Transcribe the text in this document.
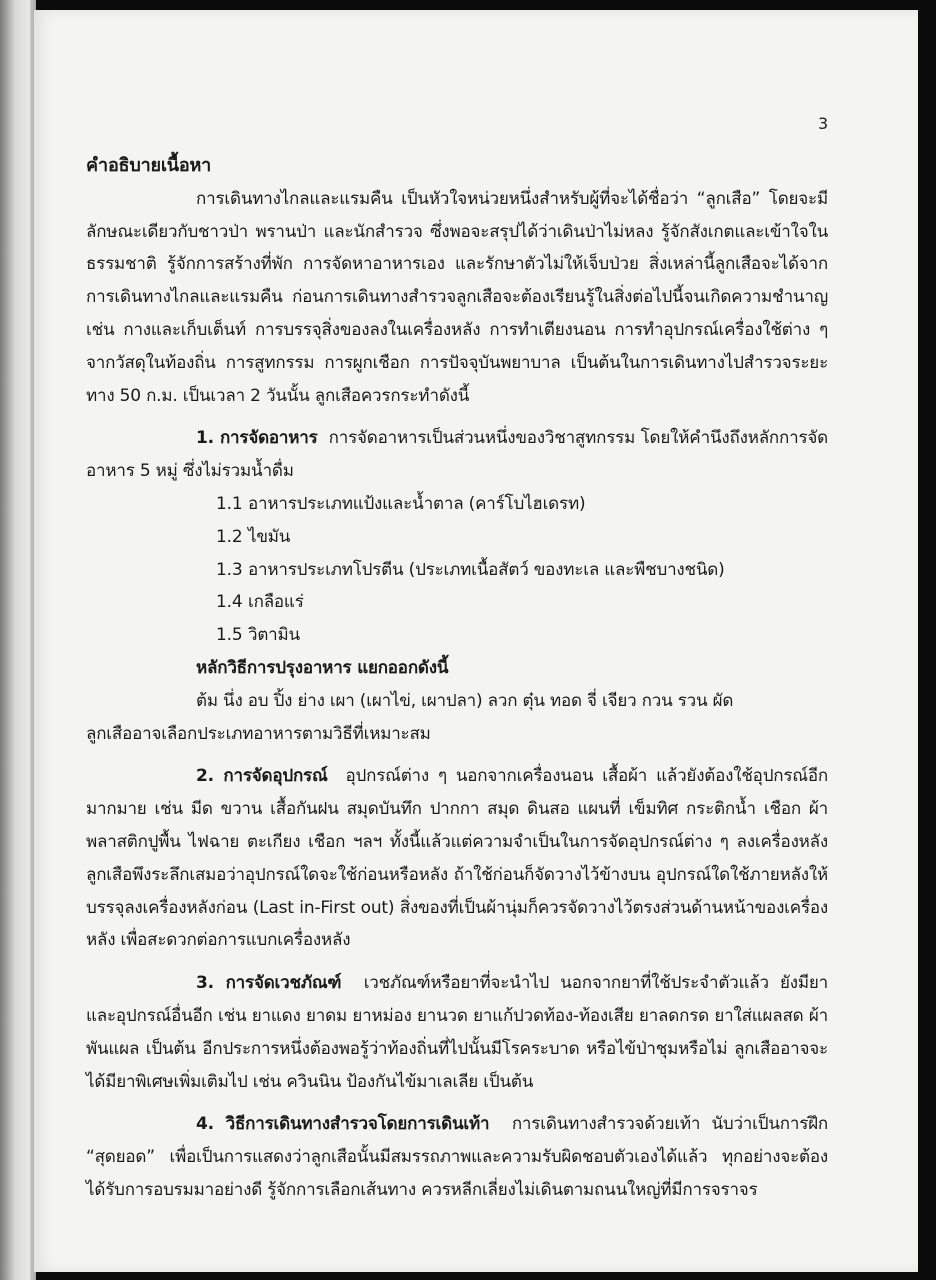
3

คำอธิบายเนื้อหา

การเดินทางไกลและแรมคืน เป็นหัวใจหน่วยหนึ่งสำหรับผู้ที่จะได้ชื่อว่า “ลูกเสือ” โดยจะมีลักษณะเดียวกับชาวป่า พรานป่า และนักสำรวจ ซึ่งพอจะสรุปได้ว่าเดินป่าไม่หลง รู้จักสังเกตและเข้าใจในธรรมชาติ รู้จักการสร้างที่พัก การจัดหาอาหารเอง และรักษาตัวไม่ให้เจ็บป่วย สิ่งเหล่านี้ลูกเสือจะได้จากการเดินทางไกลและแรมคืน ก่อนการเดินทางสำรวจลูกเสือจะต้องเรียนรู้ในสิ่งต่อไปนี้จนเกิดความชำนาญ เช่น กางและเก็บเต็นท์ การบรรจุสิ่งของลงในเครื่องหลัง การทำเตียงนอน การทำอุปกรณ์เครื่องใช้ต่าง ๆ จากวัสดุในท้องถิ่น การสูทกรรม การผูกเชือก การปัจจุบันพยาบาล เป็นต้นในการเดินทางไปสำรวจระยะทาง 50 ก.ม. เป็นเวลา 2 วันนั้น ลูกเสือควรกระทำดังนี้

1. การจัดอาหาร การจัดอาหารเป็นส่วนหนึ่งของวิชาสูทกรรม โดยให้คำนึงถึงหลักการจัดอาหาร 5 หมู่ ซึ่งไม่รวมน้ำดื่ม

1.1 อาหารประเภทแป้งและน้ำตาล (คาร์โบไฮเดรท)
1.2 ไขมัน
1.3 อาหารประเภทโปรตีน (ประเภทเนื้อสัตว์ ของทะเล และพืชบางชนิด)
1.4 เกลือแร่
1.5 วิตามิน

หลักวิธีการปรุงอาหาร แยกออกดังนี้

ต้ม นึ่ง อบ ปิ้ง ย่าง เผา (เผาไข่, เผาปลา) ลวก ตุ๋น ทอด จี่ เจียว กวน รวน ผัด

ลูกเสืออาจเลือกประเภทอาหารตามวิธีที่เหมาะสม

2. การจัดอุปกรณ์ อุปกรณ์ต่าง ๆ นอกจากเครื่องนอน เสื้อผ้า แล้วยังต้องใช้อุปกรณ์อีกมากมาย เช่น มีด ขวาน เสื้อกันฝน สมุดบันทึก ปากกา สมุด ดินสอ แผนที่ เข็มทิศ กระติกน้ำ เชือก ผ้าพลาสติกปูพื้น ไฟฉาย ตะเกียง เชือก ฯลฯ ทั้งนี้แล้วแต่ความจำเป็นในการจัดอุปกรณ์ต่าง ๆ ลงเครื่องหลัง ลูกเสือพึงระลึกเสมอว่าอุปกรณ์ใดจะใช้ก่อนหรือหลัง ถ้าใช้ก่อนก็จัดวางไว้ข้างบน อุปกรณ์ใดใช้ภายหลังให้บรรจุลงเครื่องหลังก่อน (Last in-First out) สิ่งของที่เป็นผ้านุ่มก็ควรจัดวางไว้ตรงส่วนด้านหน้าของเครื่องหลัง เพื่อสะดวกต่อการแบกเครื่องหลัง

3. การจัดเวชภัณฑ์ เวชภัณฑ์หรือยาที่จะนำไป นอกจากยาที่ใช้ประจำตัวแล้ว ยังมียาและอุปกรณ์อื่นอีก เช่น ยาแดง ยาดม ยาหม่อง ยานวด ยาแก้ปวดท้อง-ท้องเสีย ยาลดกรด ยาใส่แผลสด ผ้าพันแผล เป็นต้น อีกประการหนึ่งต้องพอรู้ว่าท้องถิ่นที่ไปนั้นมีโรคระบาด หรือไข้ป่าชุมหรือไม่ ลูกเสืออาจจะได้มียาพิเศษเพิ่มเติมไป เช่น ควินนิน ป้องกันไข้มาเลเลีย เป็นต้น

4. วิธีการเดินทางสำรวจโดยการเดินเท้า การเดินทางสำรวจด้วยเท้า นับว่าเป็นการฝึก “สุดยอด” เพื่อเป็นการแสดงว่าลูกเสือนั้นมีสมรรถภาพและความรับผิดชอบตัวเองได้แล้ว ทุกอย่างจะต้องได้รับการอบรมมาอย่างดี รู้จักการเลือกเส้นทาง ควรหลีกเลี่ยงไม่เดินตามถนนใหญ่ที่มีการจราจร
